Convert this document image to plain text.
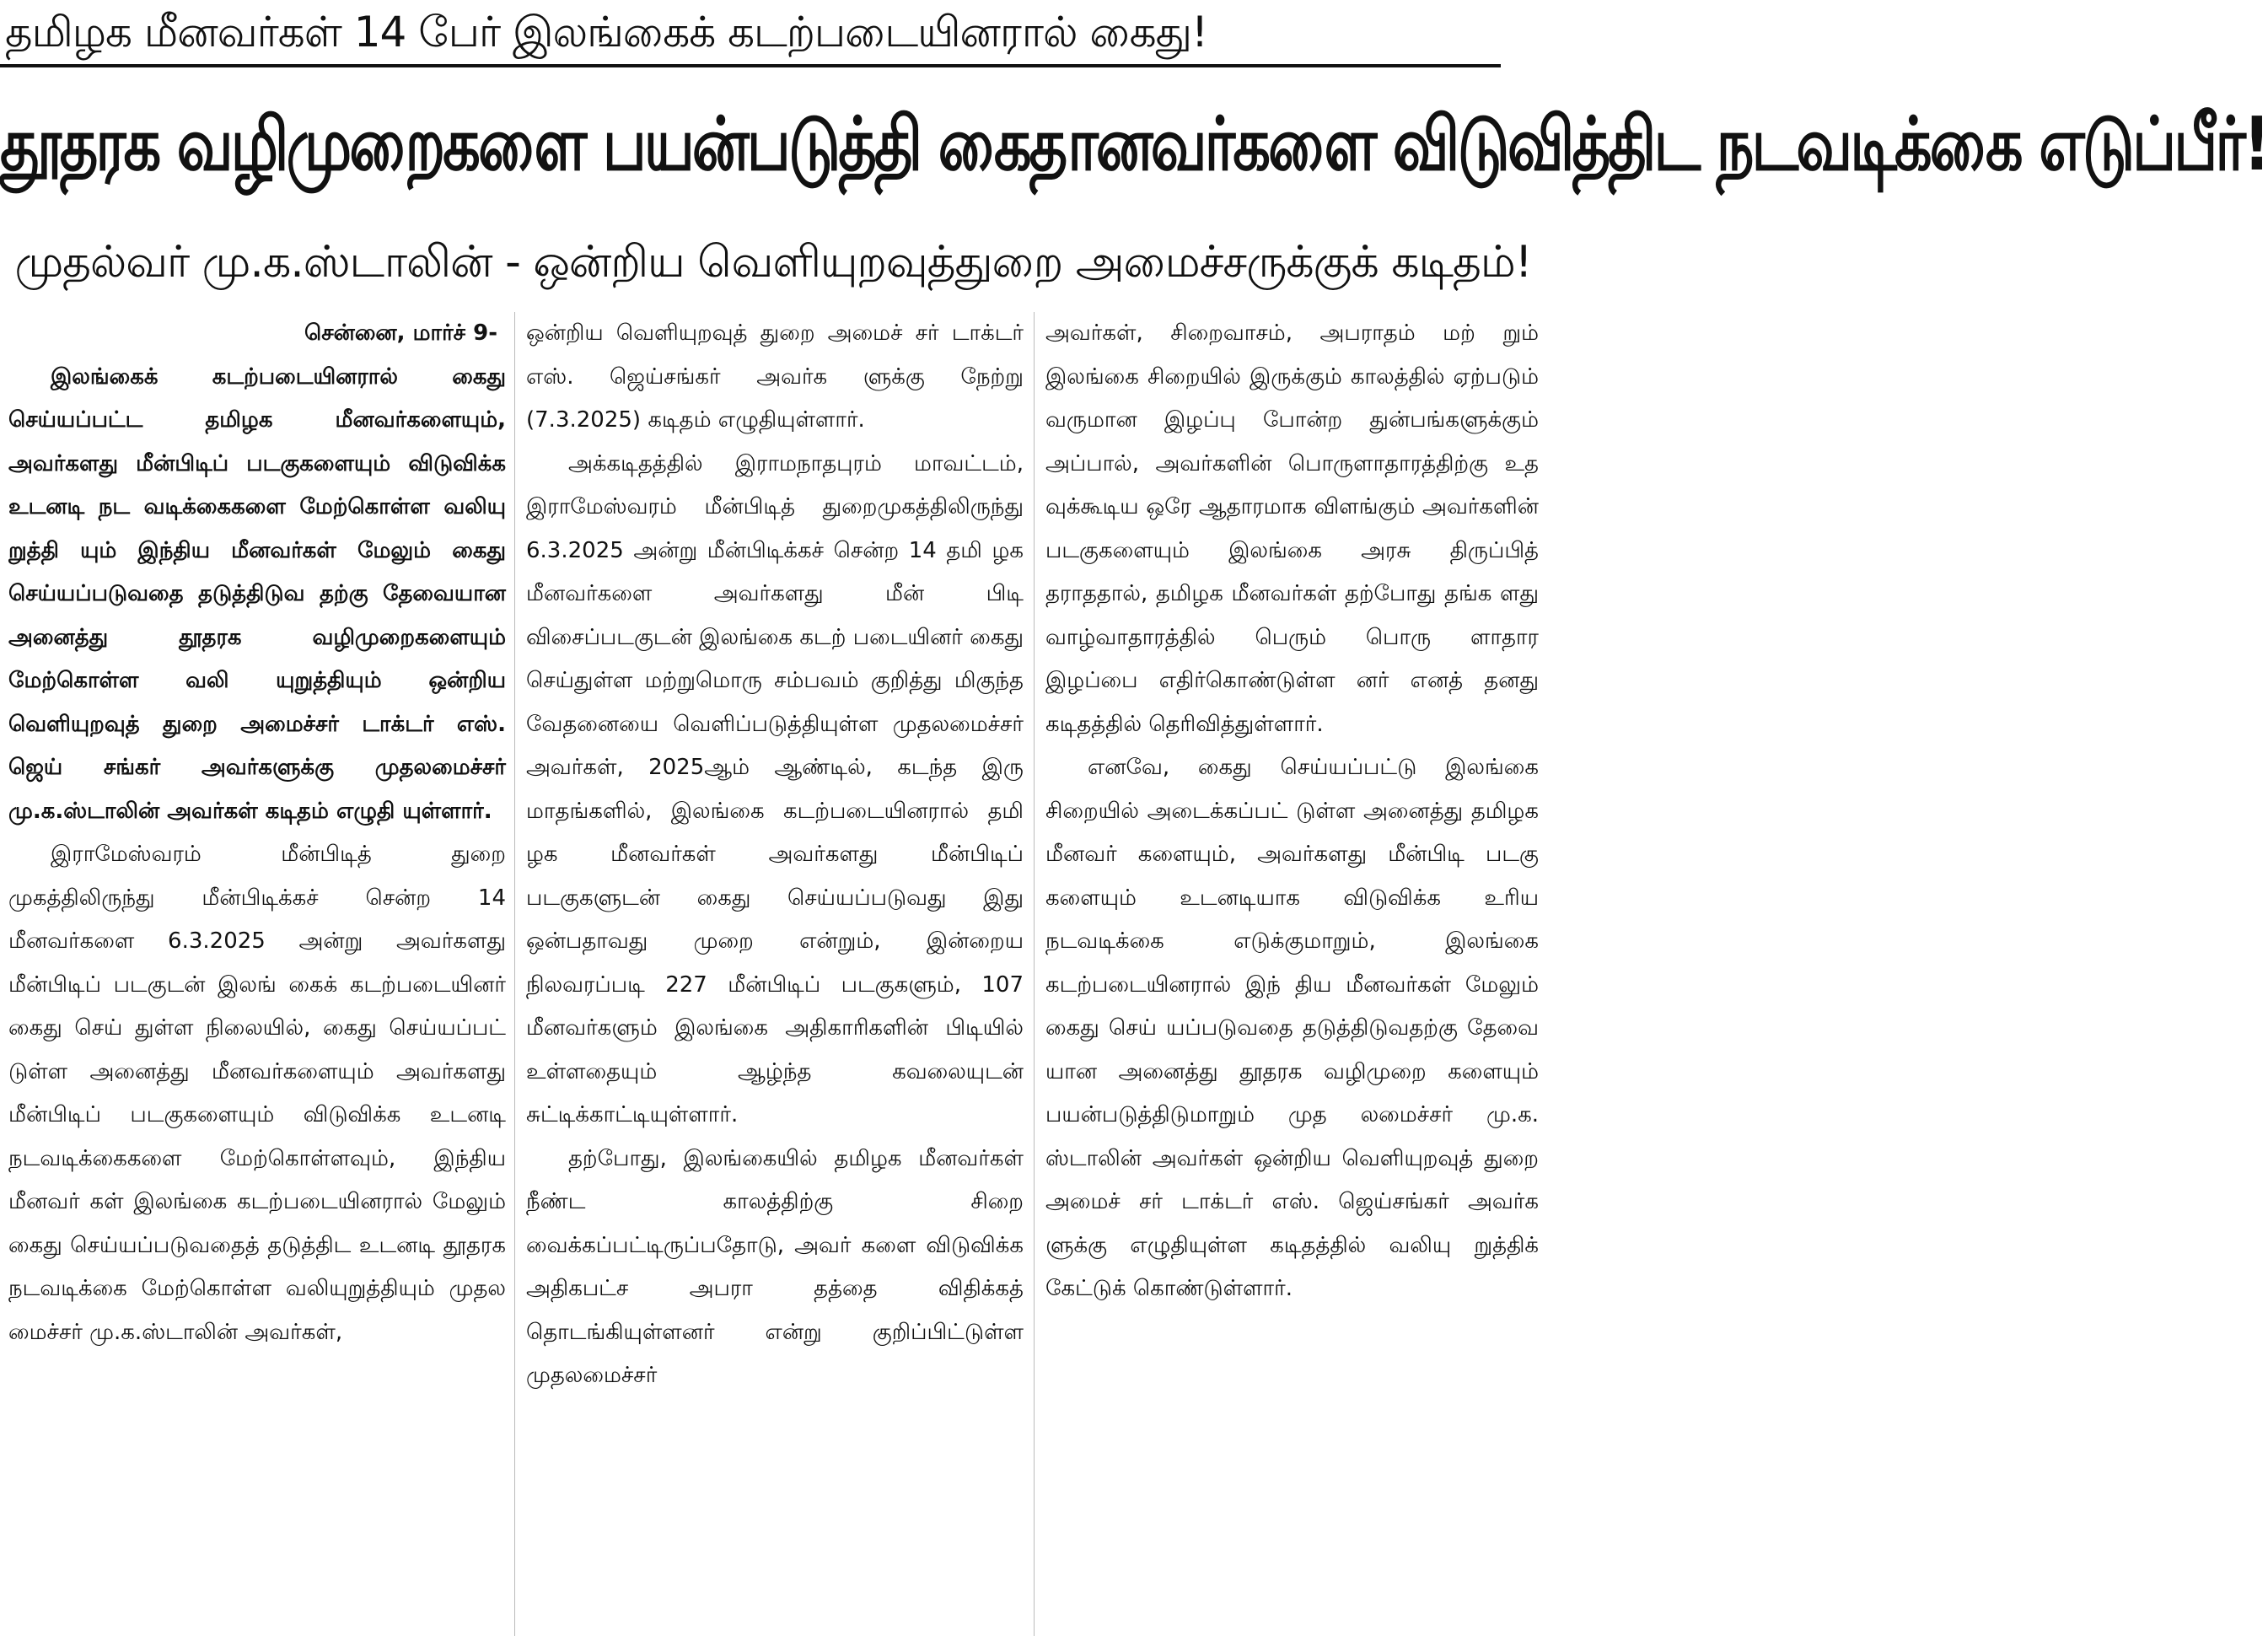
தமிழக மீனவர்கள் 14 பேர் இலங்கைக் கடற்படையினரால் கைது!
தூதரக வழிமுறைகளை பயன்படுத்தி கைதானவர்களை விடுவித்திட நடவடிக்கை எடுப்பீர்!
முதல்வர் மு.க.ஸ்டாலின் - ஒன்றிய வெளியுறவுத்துறை அமைச்சருக்குக் கடிதம்!

சென்னை, மார்ச் 9-

இலங்கைக் கடற்படையினரால் கைது செய்யப்பட்ட தமிழக மீனவர்களையும், அவர்களது மீன்பிடிப் படகுகளையும் விடுவிக்க உடனடி நட வடிக்கைகளை மேற்கொள்ள வலியு றுத்தி யும் இந்திய மீனவர்கள் மேலும் கைது செய்யப்படுவதை தடுத்திடுவ தற்கு தேவையான அனைத்து தூதரக வழிமுறைகளையும் மேற்கொள்ள வலி யுறுத்தியும் ஒன்றிய வெளியுறவுத் துறை அமைச்சர் டாக்டர் எஸ். ஜெய் சங்கர் அவர்களுக்கு முதலமைச்சர் மு.க.ஸ்டாலின் அவர்கள் கடிதம் எழுதி யுள்ளார்.

இராமேஸ்வரம் மீன்பிடித் துறை முகத்திலிருந்து மீன்பிடிக்கச் சென்ற 14 மீனவர்களை 6.3.2025 அன்று அவர்களது மீன்பிடிப் படகுடன் இலங் கைக் கடற்படையினர் கைது செய் துள்ள நிலையில், கைது செய்யப்பட் டுள்ள அனைத்து மீனவர்களையும் அவர்களது மீன்பிடிப் படகுகளையும் விடுவிக்க உடனடி நடவடிக்கைகளை மேற்கொள்ளவும், இந்திய மீனவர் கள் இலங்கை கடற்படையினரால் மேலும் கைது செய்யப்படுவதைத் தடுத்திட உடனடி தூதரக நடவடிக்கை மேற்கொள்ள வலியுறுத்தியும் முதல மைச்சர் மு.க.ஸ்டாலின் அவர்கள்,

ஒன்றிய வெளியுறவுத் துறை அமைச் சர் டாக்டர் எஸ். ஜெய்சங்கர் அவர்க ளுக்கு நேற்று (7.3.2025) கடிதம் எழுதியுள்ளார்.

அக்கடிதத்தில் இராமநாதபுரம் மாவட்டம், இராமேஸ்வரம் மீன்பிடித் துறைமுகத்திலிருந்து 6.3.2025 அன்று மீன்பிடிக்கச் சென்ற 14 தமி ழக மீனவர்களை அவர்களது மீன் பிடி விசைப்படகுடன் இலங்கை கடற் படையினர் கைது செய்துள்ள மற்றுமொரு சம்பவம் குறித்து மிகுந்த வேதனையை வெளிப்படுத்தியுள்ள முதலமைச்சர் அவர்கள், 2025ஆம் ஆண்டில், கடந்த இரு மாதங்களில், இலங்கை கடற்படையினரால் தமி ழக மீனவர்கள் அவர்களது மீன்பிடிப் படகுகளுடன் கைது செய்யப்படுவது இது ஒன்பதாவது முறை என்றும், இன்றைய நிலவரப்படி 227 மீன்பிடிப் படகுகளும், 107 மீனவர்களும் இலங்கை அதிகாரிகளின் பிடியில் உள்ளதையும் ஆழ்ந்த கவலையுடன் சுட்டிக்காட்டியுள்ளார்.

தற்போது, இலங்கையில் தமிழக மீனவர்கள் நீண்ட காலத்திற்கு சிறை வைக்கப்பட்டிருப்பதோடு, அவர் களை விடுவிக்க அதிகபட்ச அபரா தத்தை விதிக்கத் தொடங்கியுள்ளனர் என்று குறிப்பிட்டுள்ள முதலமைச்சர்

அவர்கள், சிறைவாசம், அபராதம் மற் றும் இலங்கை சிறையில் இருக்கும் காலத்தில் ஏற்படும் வருமான இழப்பு போன்ற துன்பங்களுக்கும் அப்பால், அவர்களின் பொருளாதாரத்திற்கு உத வுக்கூடிய ஒரே ஆதாரமாக விளங்கும் அவர்களின் படகுகளையும் இலங்கை அரசு திருப்பித் தராததால், தமிழக மீனவர்கள் தற்போது தங்க ளது வாழ்வாதாரத்தில் பெரும் பொரு ளாதார இழப்பை எதிர்கொண்டுள்ள னர் எனத் தனது கடிதத்தில் தெரிவித்துள்ளார்.

எனவே, கைது செய்யப்பட்டு இலங்கை சிறையில் அடைக்கப்பட் டுள்ள அனைத்து தமிழக மீனவர் களையும், அவர்களது மீன்பிடி படகு களையும் உடனடியாக விடுவிக்க உரிய நடவடிக்கை எடுக்குமாறும், இலங்கை கடற்படையினரால் இந் திய மீனவர்கள் மேலும் கைது செய் யப்படுவதை தடுத்திடுவதற்கு தேவை யான அனைத்து தூதரக வழிமுறை களையும் பயன்படுத்திடுமாறும் முத லமைச்சர் மு.க. ஸ்டாலின் அவர்கள் ஒன்றிய வெளியுறவுத் துறை அமைச் சர் டாக்டர் எஸ். ஜெய்சங்கர் அவர்க ளுக்கு எழுதியுள்ள கடிதத்தில் வலியு றுத்திக் கேட்டுக் கொண்டுள்ளார்.
